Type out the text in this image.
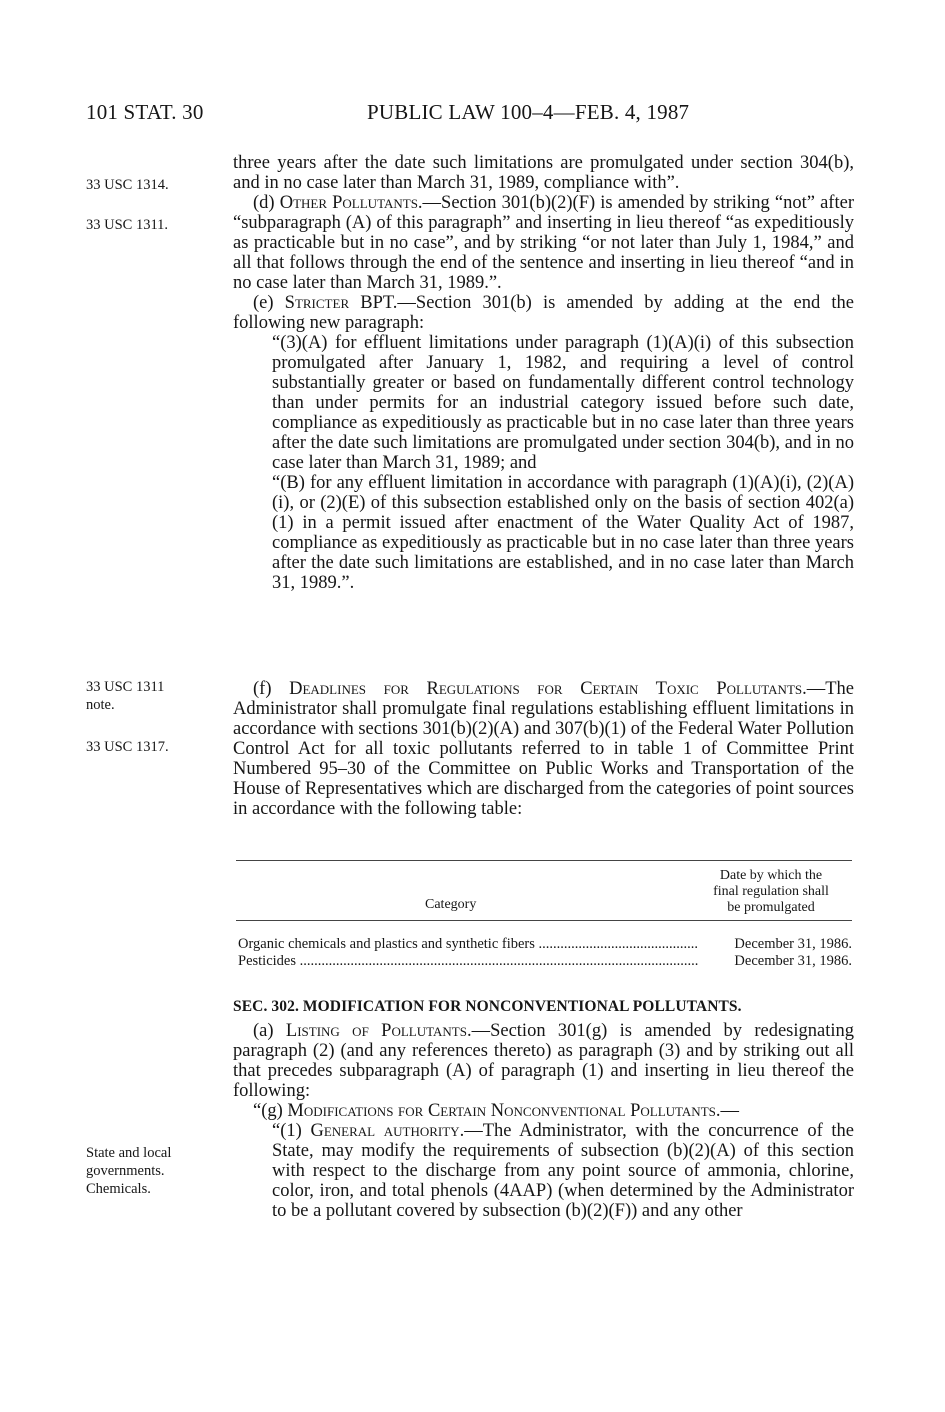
101 STAT. 30	PUBLIC LAW 100–4—FEB. 4, 1987
33 USC 1314.
33 USC 1311.
33 USC 1311
note.
33 USC 1317.
State and local
governments.
Chemicals.

three years after the date such limitations are promulgated under section 304(b), and in no case later than March 31, 1989, compliance with”.

(d) Other Pollutants.—Section 301(b)(2)(F) is amended by striking “not” after “subparagraph (A) of this paragraph” and inserting in lieu thereof “as expeditiously as practicable but in no case”, and by striking “or not later than July 1, 1984,” and all that follows through the end of the sentence and inserting in lieu thereof “and in no case later than March 31, 1989.”.

(e) Stricter BPT.—Section 301(b) is amended by adding at the end the following new paragraph:

“(3)(A) for effluent limitations under paragraph (1)(A)(i) of this subsection promulgated after January 1, 1982, and requiring a level of control substantially greater or based on fundamentally different control technology than under permits for an industrial category issued before such date, compliance as expeditiously as practicable but in no case later than three years after the date such limitations are promulgated under section 304(b), and in no case later than March 31, 1989; and

“(B) for any effluent limitation in accordance with paragraph (1)(A)(i), (2)(A)(i), or (2)(E) of this subsection established only on the basis of section 402(a)(1) in a permit issued after enactment of the Water Quality Act of 1987, compliance as expeditiously as practicable but in no case later than three years after the date such limitations are established, and in no case later than March 31, 1989.”.

(f) Deadlines for Regulations for Certain Toxic Pollutants.—The Administrator shall promulgate final regulations establishing effluent limitations in accordance with sections 301(b)(2)(A) and 307(b)(1) of the Federal Water Pollution Control Act for all toxic pollutants referred to in table 1 of Committee Print Numbered 95–30 of the Committee on Public Works and Transportation of the House of Representatives which are discharged from the categories of point sources in accordance with the following table:

Category
Date by which the
final regulation shall
be promulgated
Organic chemicals and plastics and synthetic fibers .....	December 31, 1986.
Pesticides .....	December 31, 1986.
SEC. 302. MODIFICATION FOR NONCONVENTIONAL POLLUTANTS.

(a) Listing of Pollutants.—Section 301(g) is amended by redesignating paragraph (2) (and any references thereto) as paragraph (3) and by striking out all that precedes subparagraph (A) of paragraph (1) and inserting in lieu thereof the following:

“(g) Modifications for Certain Nonconventional Pollutants.—

“(1) General authority.—The Administrator, with the concurrence of the State, may modify the requirements of subsection (b)(2)(A) of this section with respect to the discharge from any point source of ammonia, chlorine, color, iron, and total phenols (4AAP) (when determined by the Administrator to be a pollutant covered by subsection (b)(2)(F)) and any other
